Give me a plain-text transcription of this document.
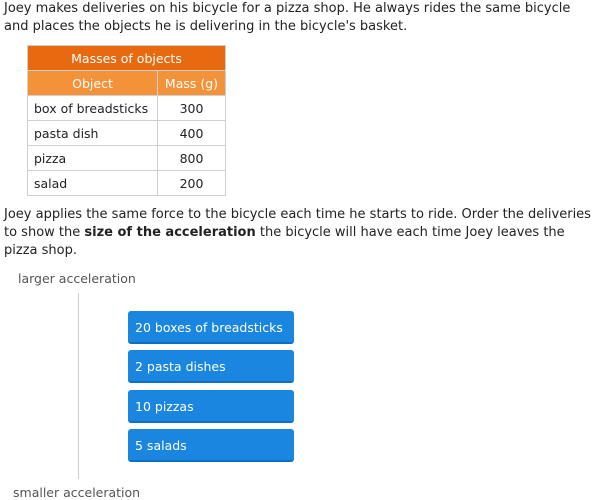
Joey makes deliveries on his bicycle for a pizza shop. He always rides the same bicycle and places the objects he is delivering in the bicycle's basket.

Masses of objects	
Object	Mass (g)
box of breadsticks	300
pasta dish	400
pizza	800
salad	200

Joey applies the same force to the bicycle each time he starts to ride. Order the deliveries to show the size of the acceleration the bicycle will have each time Joey leaves the pizza shop.

larger acceleration
20 boxes of breadsticks
2 pasta dishes
10 pizzas
5 salads
smaller acceleration
